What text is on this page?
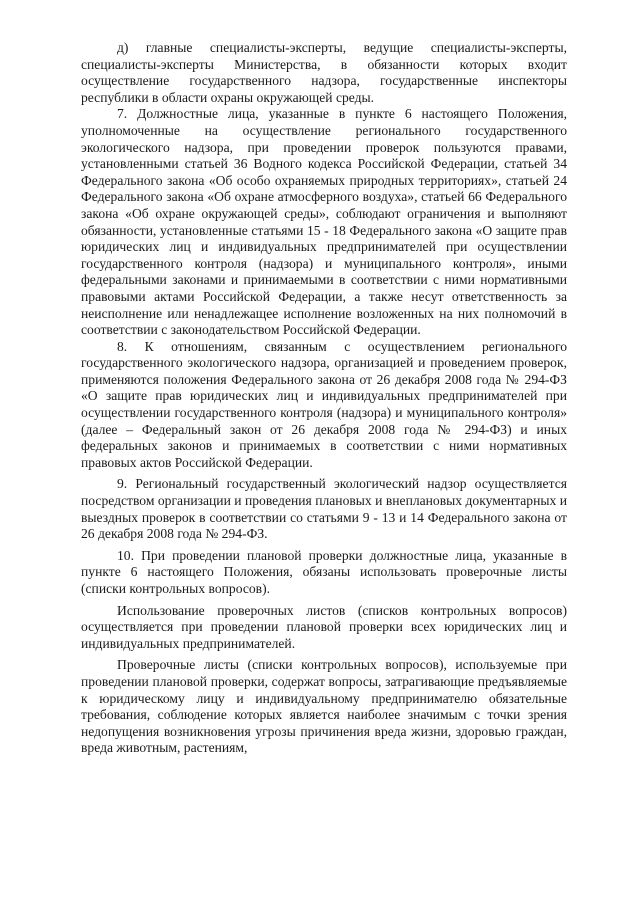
д) главные специалисты-эксперты, ведущие специалисты-эксперты, специалисты-эксперты Министерства, в обязанности которых входит осуществление государственного надзора, государственные инспекторы республики в области охраны окружающей среды.

7. Должностные лица, указанные в пункте 6 настоящего Положения, уполномоченные на осуществление регионального государственного экологического надзора, при проведении проверок пользуются правами, установленными статьей 36 Водного кодекса Российской Федерации, статьей 34 Федерального закона «Об особо охраняемых природных территориях», статьей 24 Федерального закона «Об охране атмосферного воздуха», статьей 66 Федерального закона «Об охране окружающей среды», соблюдают ограничения и выполняют обязанности, установленные статьями 15 - 18 Федерального закона «О защите прав юридических лиц и индивидуальных предпринимателей при осуществлении государственного контроля (надзора) и муниципального контроля», иными федеральными законами и принимаемыми в соответствии с ними нормативными правовыми актами Российской Федерации, а также несут ответственность за неисполнение или ненадлежащее исполнение возложенных на них полномочий в соответствии с законодательством Российской Федерации.

8. К отношениям, связанным с осуществлением регионального государственного экологического надзора, организацией и проведением проверок, применяются положения Федерального закона от 26 декабря 2008 года № 294-ФЗ «О защите прав юридических лиц и индивидуальных предпринимателей при осуществлении государственного контроля (надзора) и муниципального контроля» (далее – Федеральный закон от 26 декабря 2008 года № 294-ФЗ) и иных федеральных законов и принимаемых в соответствии с ними нормативных правовых актов Российской Федерации.

9. Региональный государственный экологический надзор осуществляется посредством организации и проведения плановых и внеплановых документарных и выездных проверок в соответствии со статьями 9 - 13 и 14 Федерального закона от 26 декабря 2008 года № 294-ФЗ.

10. При проведении плановой проверки должностные лица, указанные в пункте 6 настоящего Положения, обязаны использовать проверочные листы (списки контрольных вопросов).

Использование проверочных листов (списков контрольных вопросов) осуществляется при проведении плановой проверки всех юридических лиц и индивидуальных предпринимателей.

Проверочные листы (списки контрольных вопросов), используемые при проведении плановой проверки, содержат вопросы, затрагивающие предъявляемые к юридическому лицу и индивидуальному предпринимателю обязательные требования, соблюдение которых является наиболее значимым с точки зрения недопущения возникновения угрозы причинения вреда жизни, здоровью граждан, вреда животным, растениям,
